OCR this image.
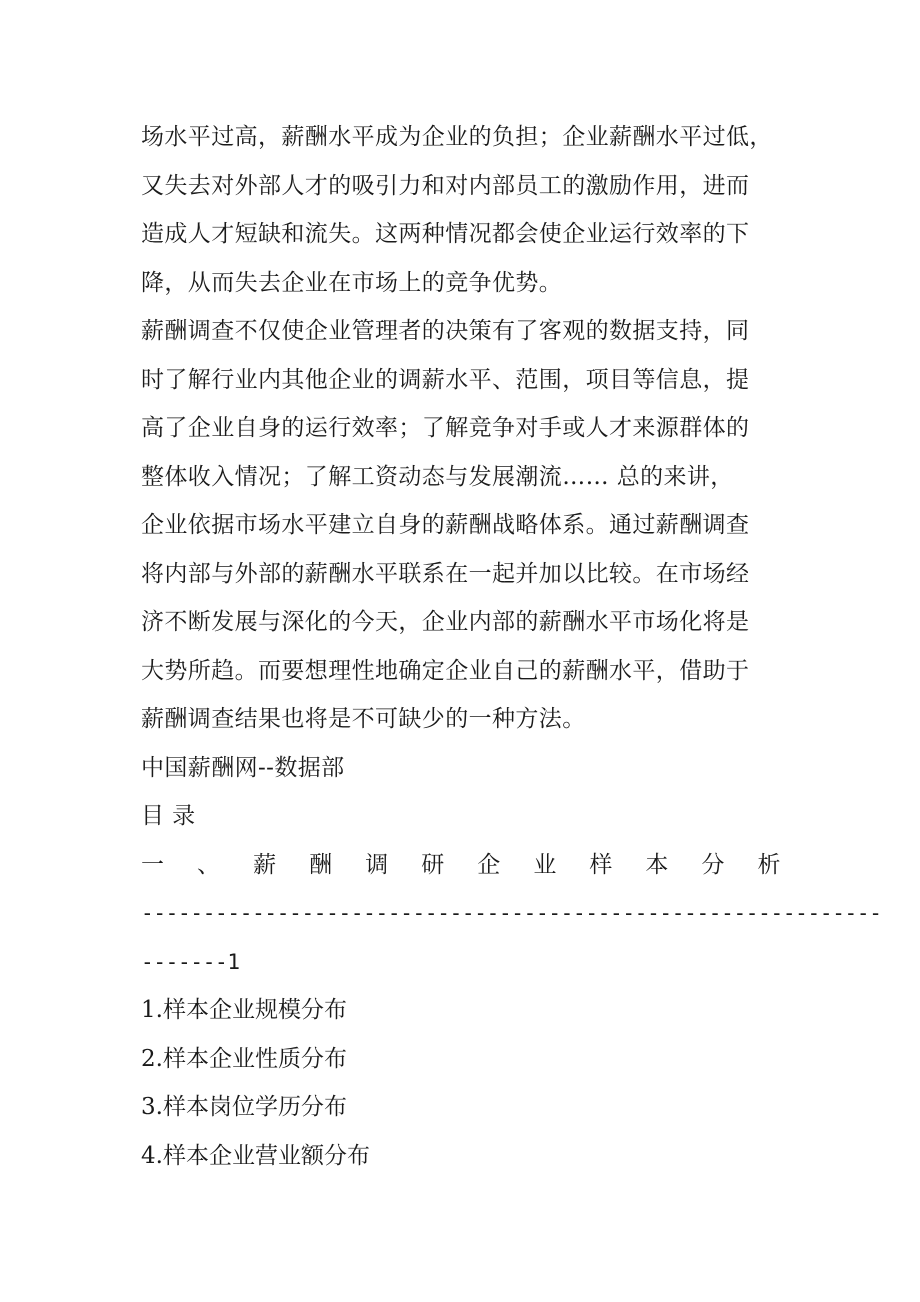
场水平过高，薪酬水平成为企业的负担；企业薪酬水平过低，
又失去对外部人才的吸引力和对内部员工的激励作用，进而
造成人才短缺和流失。这两种情况都会使企业运行效率的下
降，从而失去企业在市场上的竞争优势。
薪酬调查不仅使企业管理者的决策有了客观的数据支持，同
时了解行业内其他企业的调薪水平、范围，项目等信息，提
高了企业自身的运行效率；了解竞争对手或人才来源群体的
整体收入情况；了解工资动态与发展潮流…… 总的来讲，
企业依据市场水平建立自身的薪酬战略体系。通过薪酬调查
将内部与外部的薪酬水平联系在一起并加以比较。在市场经
济不断发展与深化的今天，企业内部的薪酬水平市场化将是
大势所趋。而要想理性地确定企业自己的薪酬水平，借助于
薪酬调查结果也将是不可缺少的一种方法。
中国薪酬网--数据部
目 录
一 、 薪 酬 调 研 企 业 样 本 分 析
------------------------------------------------------------
-------1
1.样本企业规模分布
2.样本企业性质分布
3.样本岗位学历分布
4.样本企业营业额分布
